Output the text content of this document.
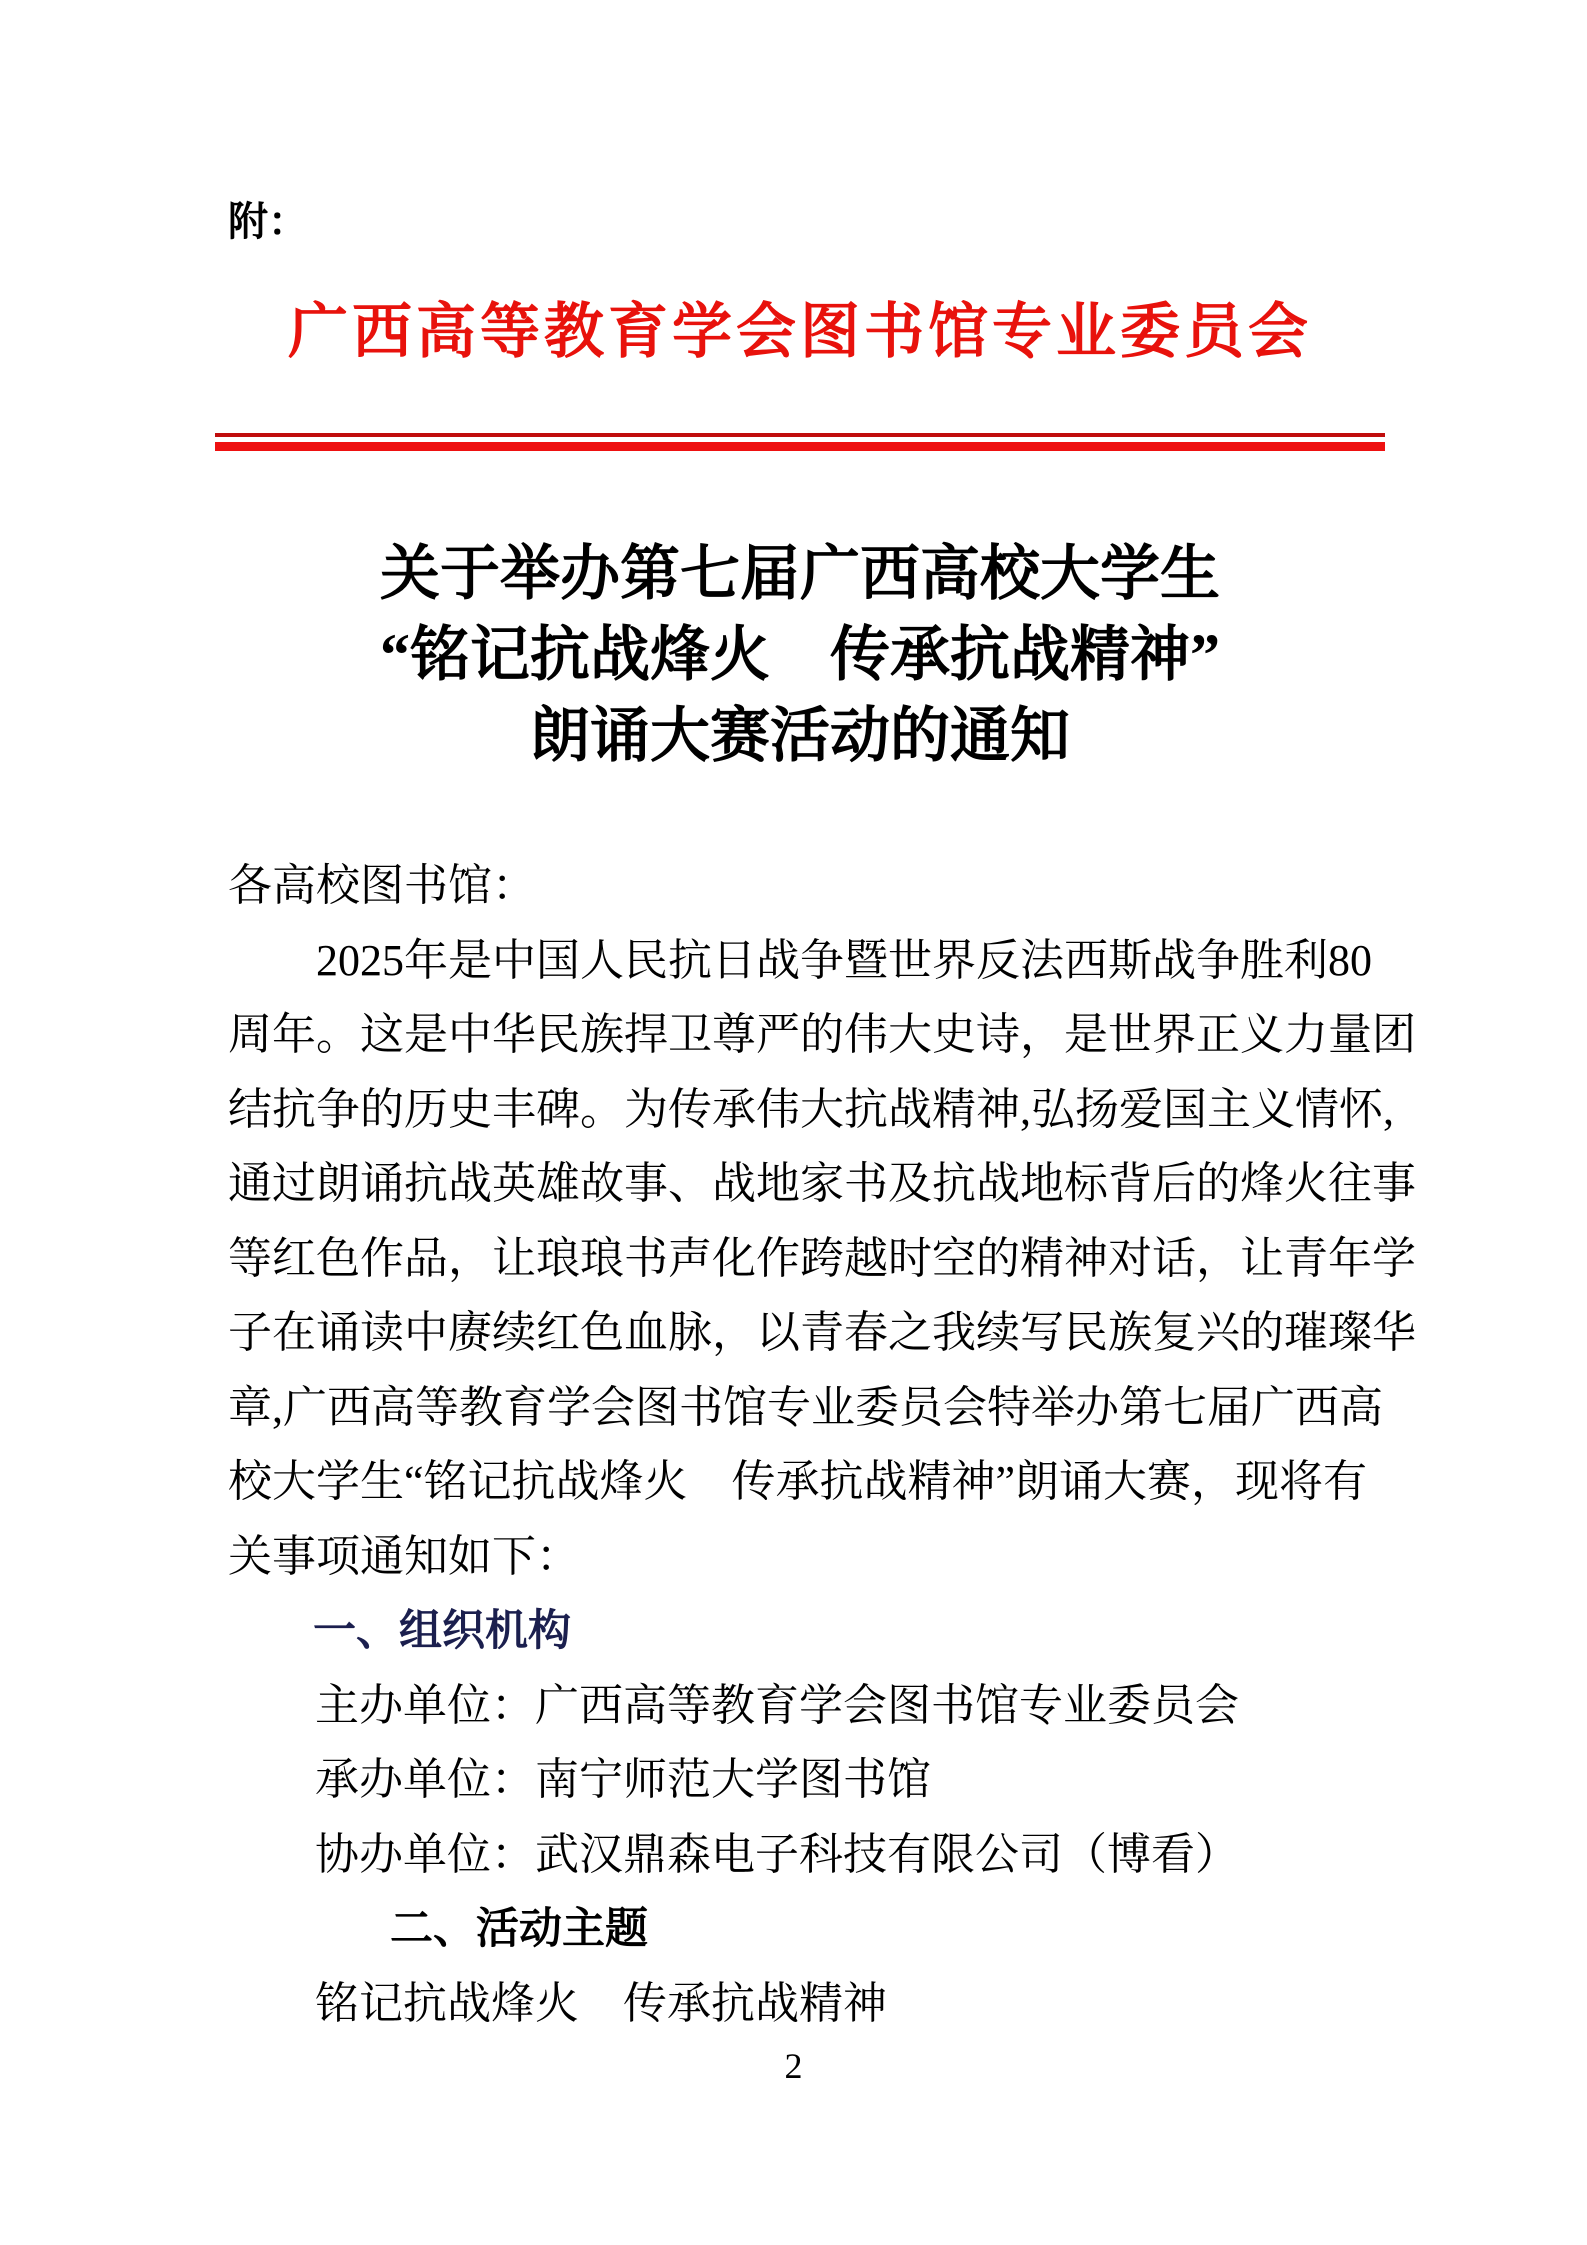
附：
广西高等教育学会图书馆专业委员会
关于举办第七届广西高校大学生
“铭记抗战烽火　传承抗战精神”
朗诵大赛活动的通知
各高校图书馆：
2025年是中国人民抗日战争暨世界反法西斯战争胜利80
周年。这是中华民族捍卫尊严的伟大史诗，是世界正义力量团
结抗争的历史丰碑。为传承伟大抗战精神,弘扬爱国主义情怀,
通过朗诵抗战英雄故事、战地家书及抗战地标背后的烽火往事
等红色作品，让琅琅书声化作跨越时空的精神对话，让青年学
子在诵读中赓续红色血脉，以青春之我续写民族复兴的璀璨华
章,广西高等教育学会图书馆专业委员会特举办第七届广西高
校大学生“铭记抗战烽火　传承抗战精神”朗诵大赛，现将有
关事项通知如下：
一、组织机构
主办单位：广西高等教育学会图书馆专业委员会
承办单位：南宁师范大学图书馆
协办单位：武汉鼎森电子科技有限公司（博看）
二、活动主题
铭记抗战烽火　传承抗战精神
2
